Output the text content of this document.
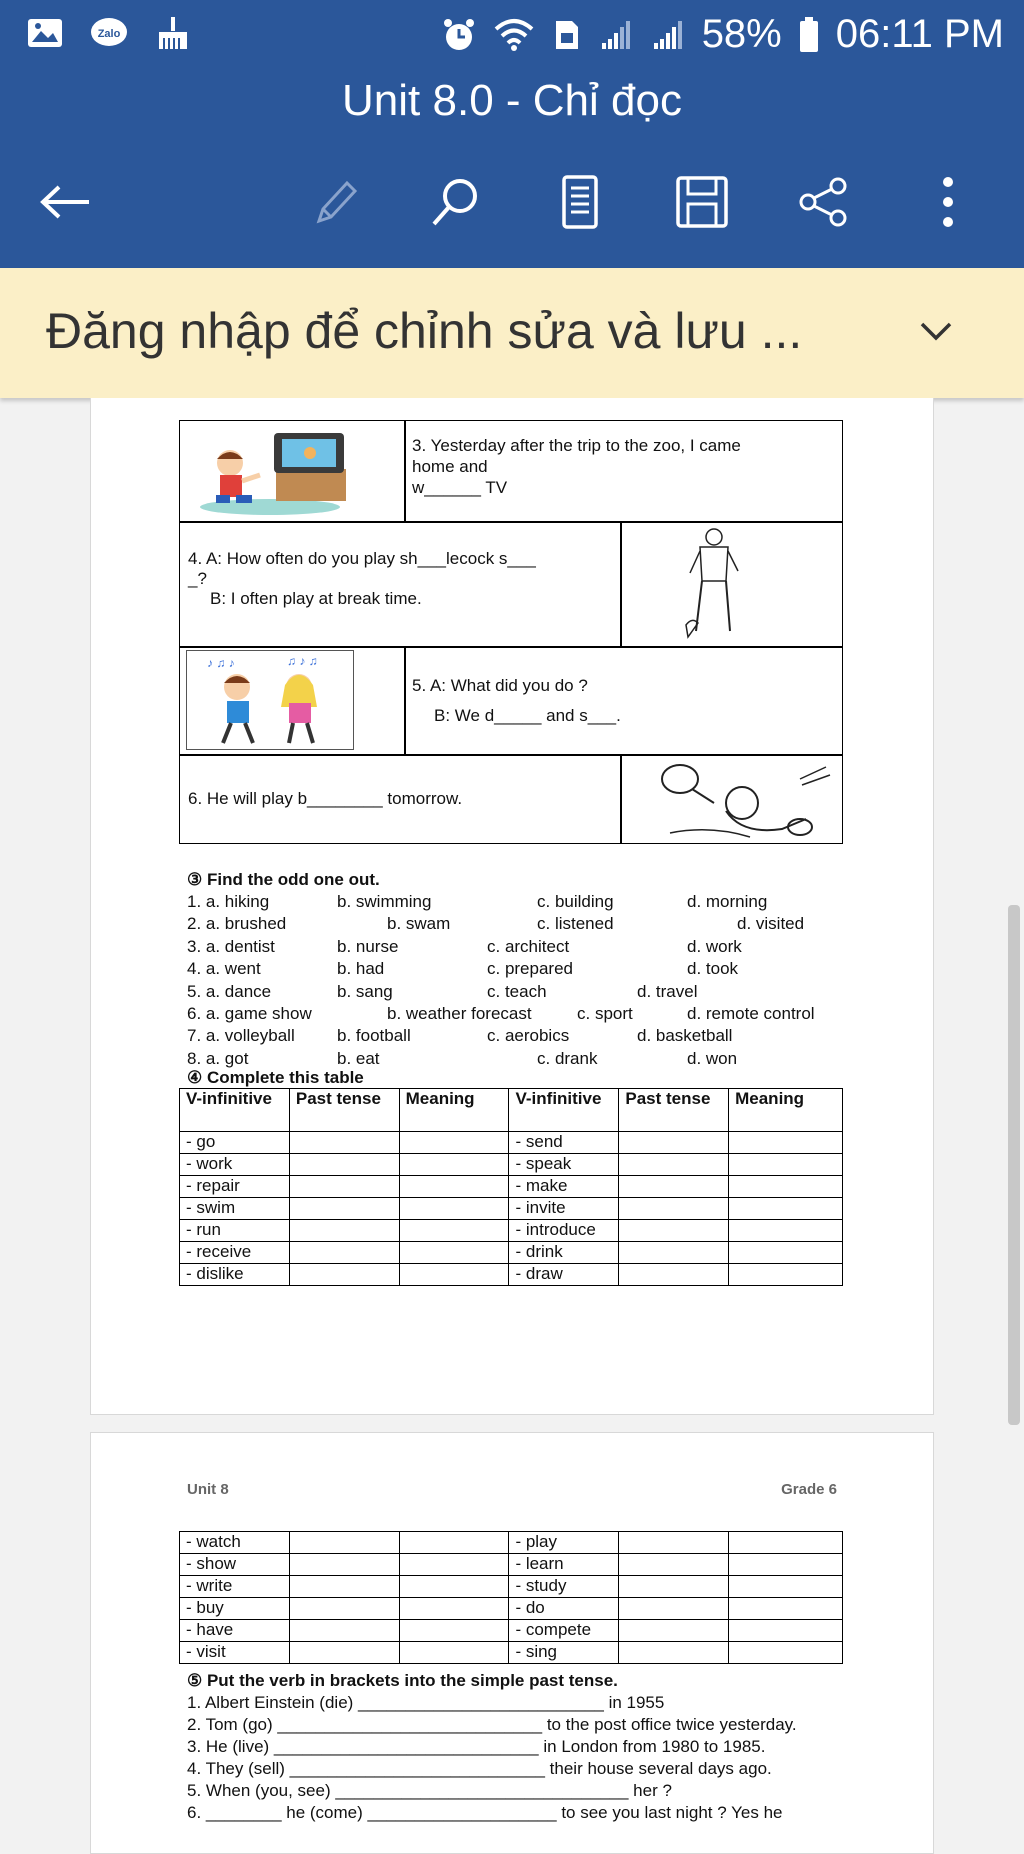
Zalo	58% 06:11 PM
Unit 8.0 - Chỉ đọc
Đăng nhập để chỉnh sửa và lưu ...
3. Yesterday after the trip to the zoo, I came
home and
w______ TV
4. A: How often do you play sh___lecock s___
_?
B: I often play at break time.
♪ ♫ ♪	♫ ♪ ♫
5. A: What did you do ?
B: We d_____ and s___.
6. He will play b________ tomorrow.
③ Find the odd one out.
1. a. hiking	b. swimming	c. building	d. morning
2. a. brushed	b. swam	c. listened	d. visited
3. a. dentist	b. nurse	c. architect	d. work
4. a. went	b. had	c. prepared	d. took
5. a. dance	b. sang	c. teach	d. travel
6. a. game show	b. weather forecast	c. sport	d. remote control
7. a. volleyball b. football	c. aerobics	d. basketball
8. a. got	b. eat	c. drank	d. won
④ Complete this table
V-infinitive	Past tense	Meaning	V-infinitive	Past tense	Meaning
- go			- send		
- work			- speak		
- repair			- make		
- swim			- invite		
- run			- introduce		
- receive			- drink		
- dislike			- draw		
Unit 8	Grade 6
- watch			- play		
- show			- learn		
- write			- study		
- buy			- do		
- have			- compete		
- visit			- sing		
⑤ Put the verb in brackets into the simple past tense.
1. Albert Einstein (die) __________________________ in 1955
2. Tom (go) ____________________________ to the post office twice yesterday.
3. He (live) ____________________________ in London from 1980 to 1985.
4. They (sell) ___________________________ their house several days ago.
5. When (you, see) _______________________________ her ?
6. ________ he (come) ____________________ to see you last night ? Yes he
